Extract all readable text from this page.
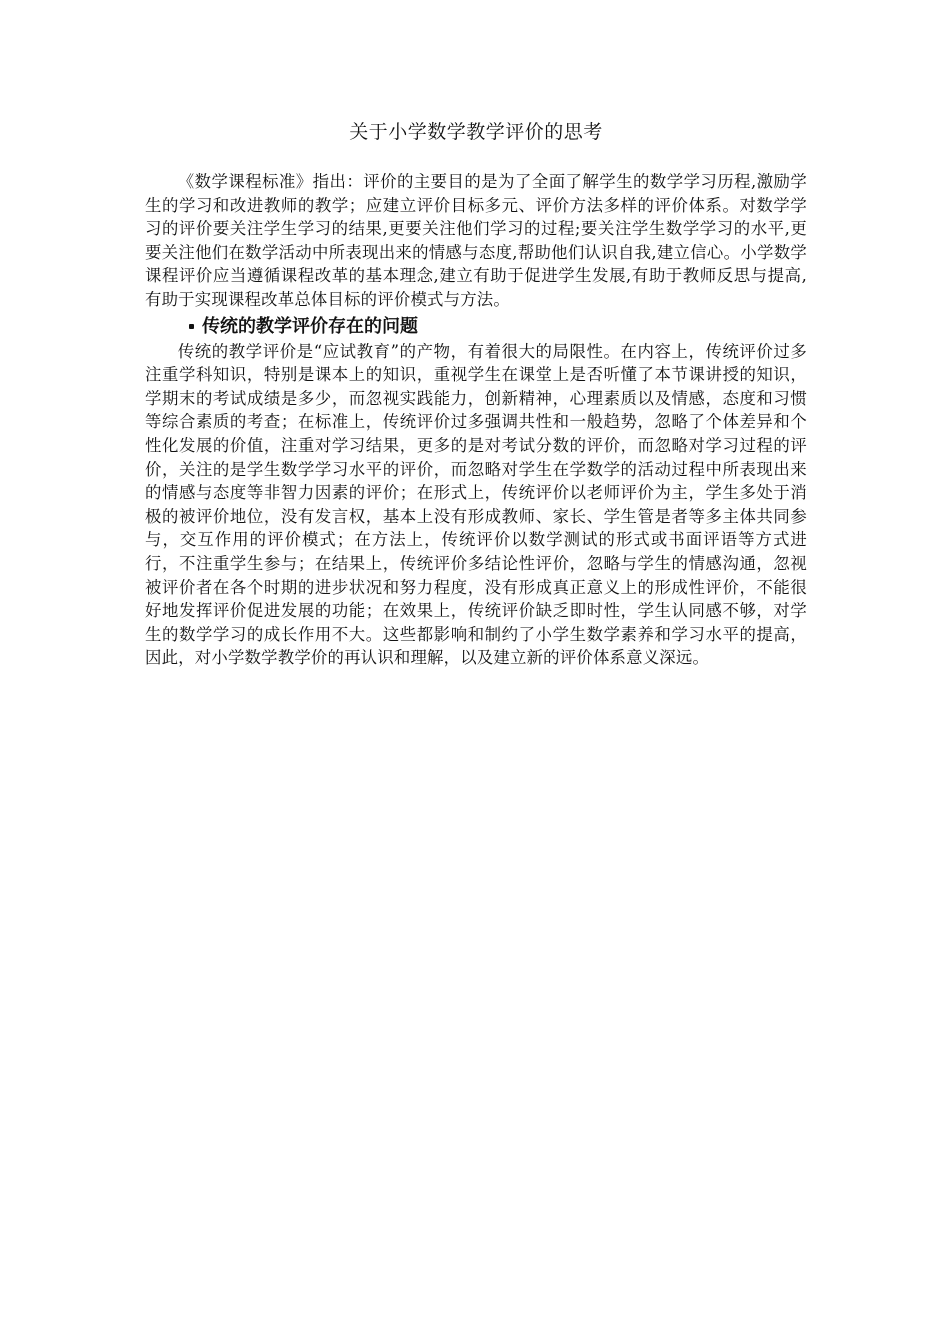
关于小学数学教学评价的思考

《数学课程标准》指出：评价的主要目的是为了全面了解学生的数学学习历程,激励学生的学习和改进教师的教学；应建立评价目标多元、评价方法多样的评价体系。对数学学习的评价要关注学生学习的结果,更要关注他们学习的过程;要关注学生数学学习的水平,更要关注他们在数学活动中所表现出来的情感与态度,帮助他们认识自我,建立信心。小学数学课程评价应当遵循课程改革的基本理念,建立有助于促进学生发展,有助于教师反思与提高,有助于实现课程改革总体目标的评价模式与方法。

传统的教学评价存在的问题

传统的教学评价是“应试教育”的产物，有着很大的局限性。在内容上，传统评价过多注重学科知识，特别是课本上的知识，重视学生在课堂上是否听懂了本节课讲授的知识，学期末的考试成绩是多少，而忽视实践能力，创新精神，心理素质以及情感，态度和习惯等综合素质的考查；在标准上，传统评价过多强调共性和一般趋势，忽略了个体差异和个性化发展的价值，注重对学习结果，更多的是对考试分数的评价，而忽略对学习过程的评价，关注的是学生数学学习水平的评价，而忽略对学生在学数学的活动过程中所表现出来的情感与态度等非智力因素的评价；在形式上，传统评价以老师评价为主，学生多处于消极的被评价地位，没有发言权，基本上没有形成教师、家长、学生管是者等多主体共同参与，交互作用的评价模式；在方法上，传统评价以数学测试的形式或书面评语等方式进行，不注重学生参与；在结果上，传统评价多结论性评价，忽略与学生的情感沟通，忽视被评价者在各个时期的进步状况和努力程度，没有形成真正意义上的形成性评价，不能很好地发挥评价促进发展的功能；在效果上，传统评价缺乏即时性，学生认同感不够，对学生的数学学习的成长作用不大。这些都影响和制约了小学生数学素养和学习水平的提高，因此，对小学数学教学价的再认识和理解，以及建立新的评价体系意义深远。
